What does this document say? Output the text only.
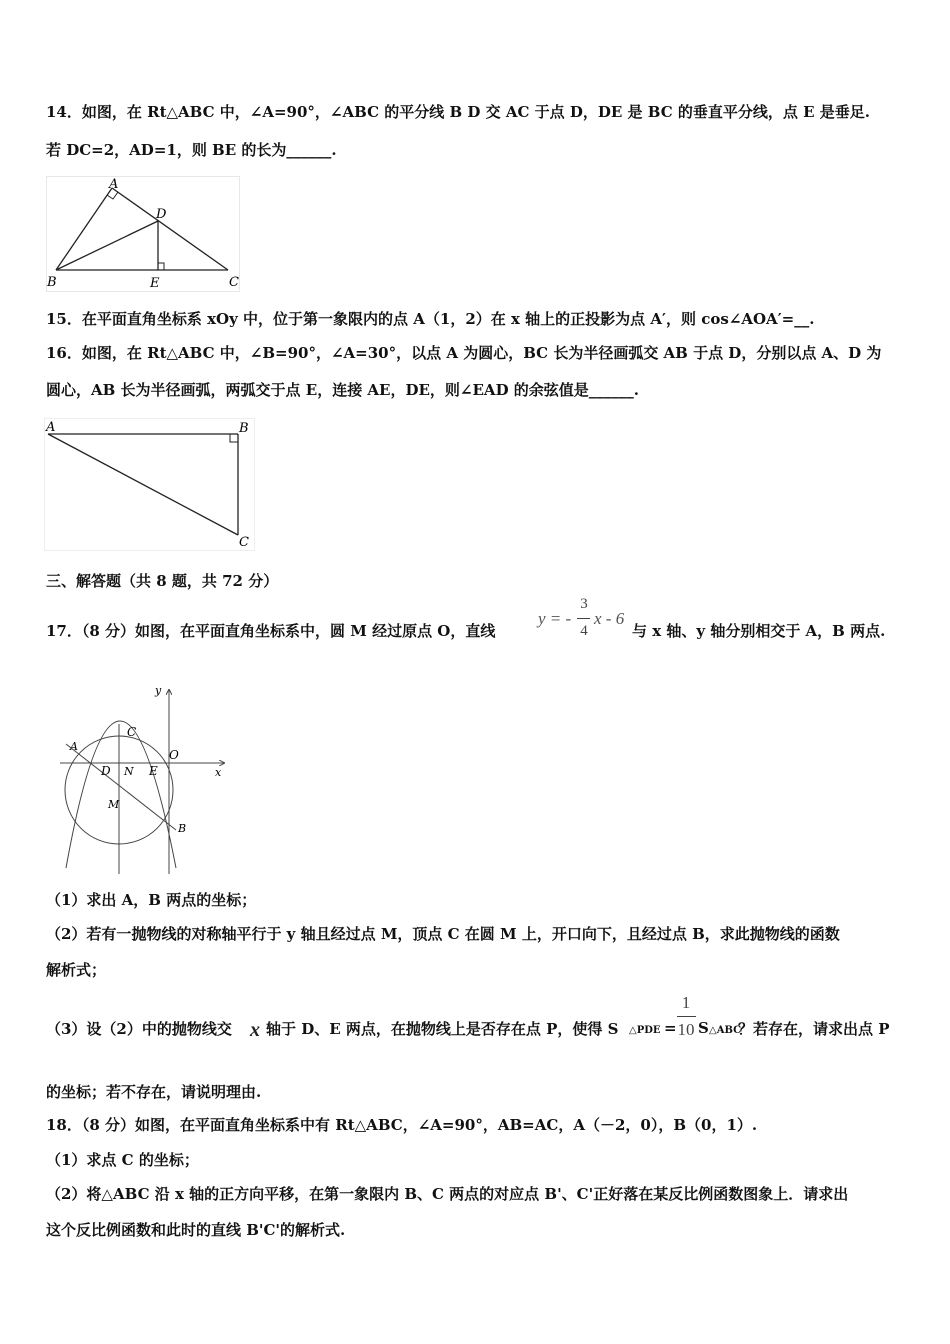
14．如图，在 Rt△ABC 中，∠A=90°，∠ABC 的平分线 B D 交 AC 于点 D，DE 是 BC 的垂直平分线，点 E 是垂足.
若 DC=2，AD=1，则 BE 的长为______.
A
B	C
D
E
15．在平面直角坐标系 xOy 中，位于第一象限内的点 A（1，2）在 x 轴上的正投影为点 A′，则 cos∠AOA′=__.
16．如图，在 Rt△ABC 中，∠B=90°，∠A=30°，以点 A 为圆心，BC 长为半径画弧交 AB 于点 D，分别以点 A、D 为
圆心，AB 长为半径画弧，两弧交于点 E，连接 AE，DE，则∠EAD 的余弦值是______.
A	B
C
三、解答题（共 8 题，共 72 分）
17．（8 分）如图，在平面直角坐标系中，圆 M 经过原点 O，直线
y = -
3
4
x - 6
与 x 轴、y 轴分别相交于 A，B 两点.
y
x
A
C
O
D N E
M
B
（1）求出 A，B 两点的坐标；
（2）若有一抛物线的对称轴平行于 y 轴且经过点 M，顶点 C 在圆 M 上，开口向下，且经过点 B，求此抛物线的函数
解析式；
（3）设（2）中的抛物线交 x 轴于 D、E 两点，在抛物线上是否存在点 P，使得 S △PDE =
1
10 S △ABC
？若存在，请求出点 P
的坐标；若不存在，请说明理由.
18．（8 分）如图，在平面直角坐标系中有 Rt△ABC，∠A=90°，AB=AC，A（－2，0），B（0，1）.
（1）求点 C 的坐标；
（2）将△ABC 沿 x 轴的正方向平移，在第一象限内 B、C 两点的对应点 B'、C'正好落在某反比例函数图象上．请求出
这个反比例函数和此时的直线 B'C'的解析式.
